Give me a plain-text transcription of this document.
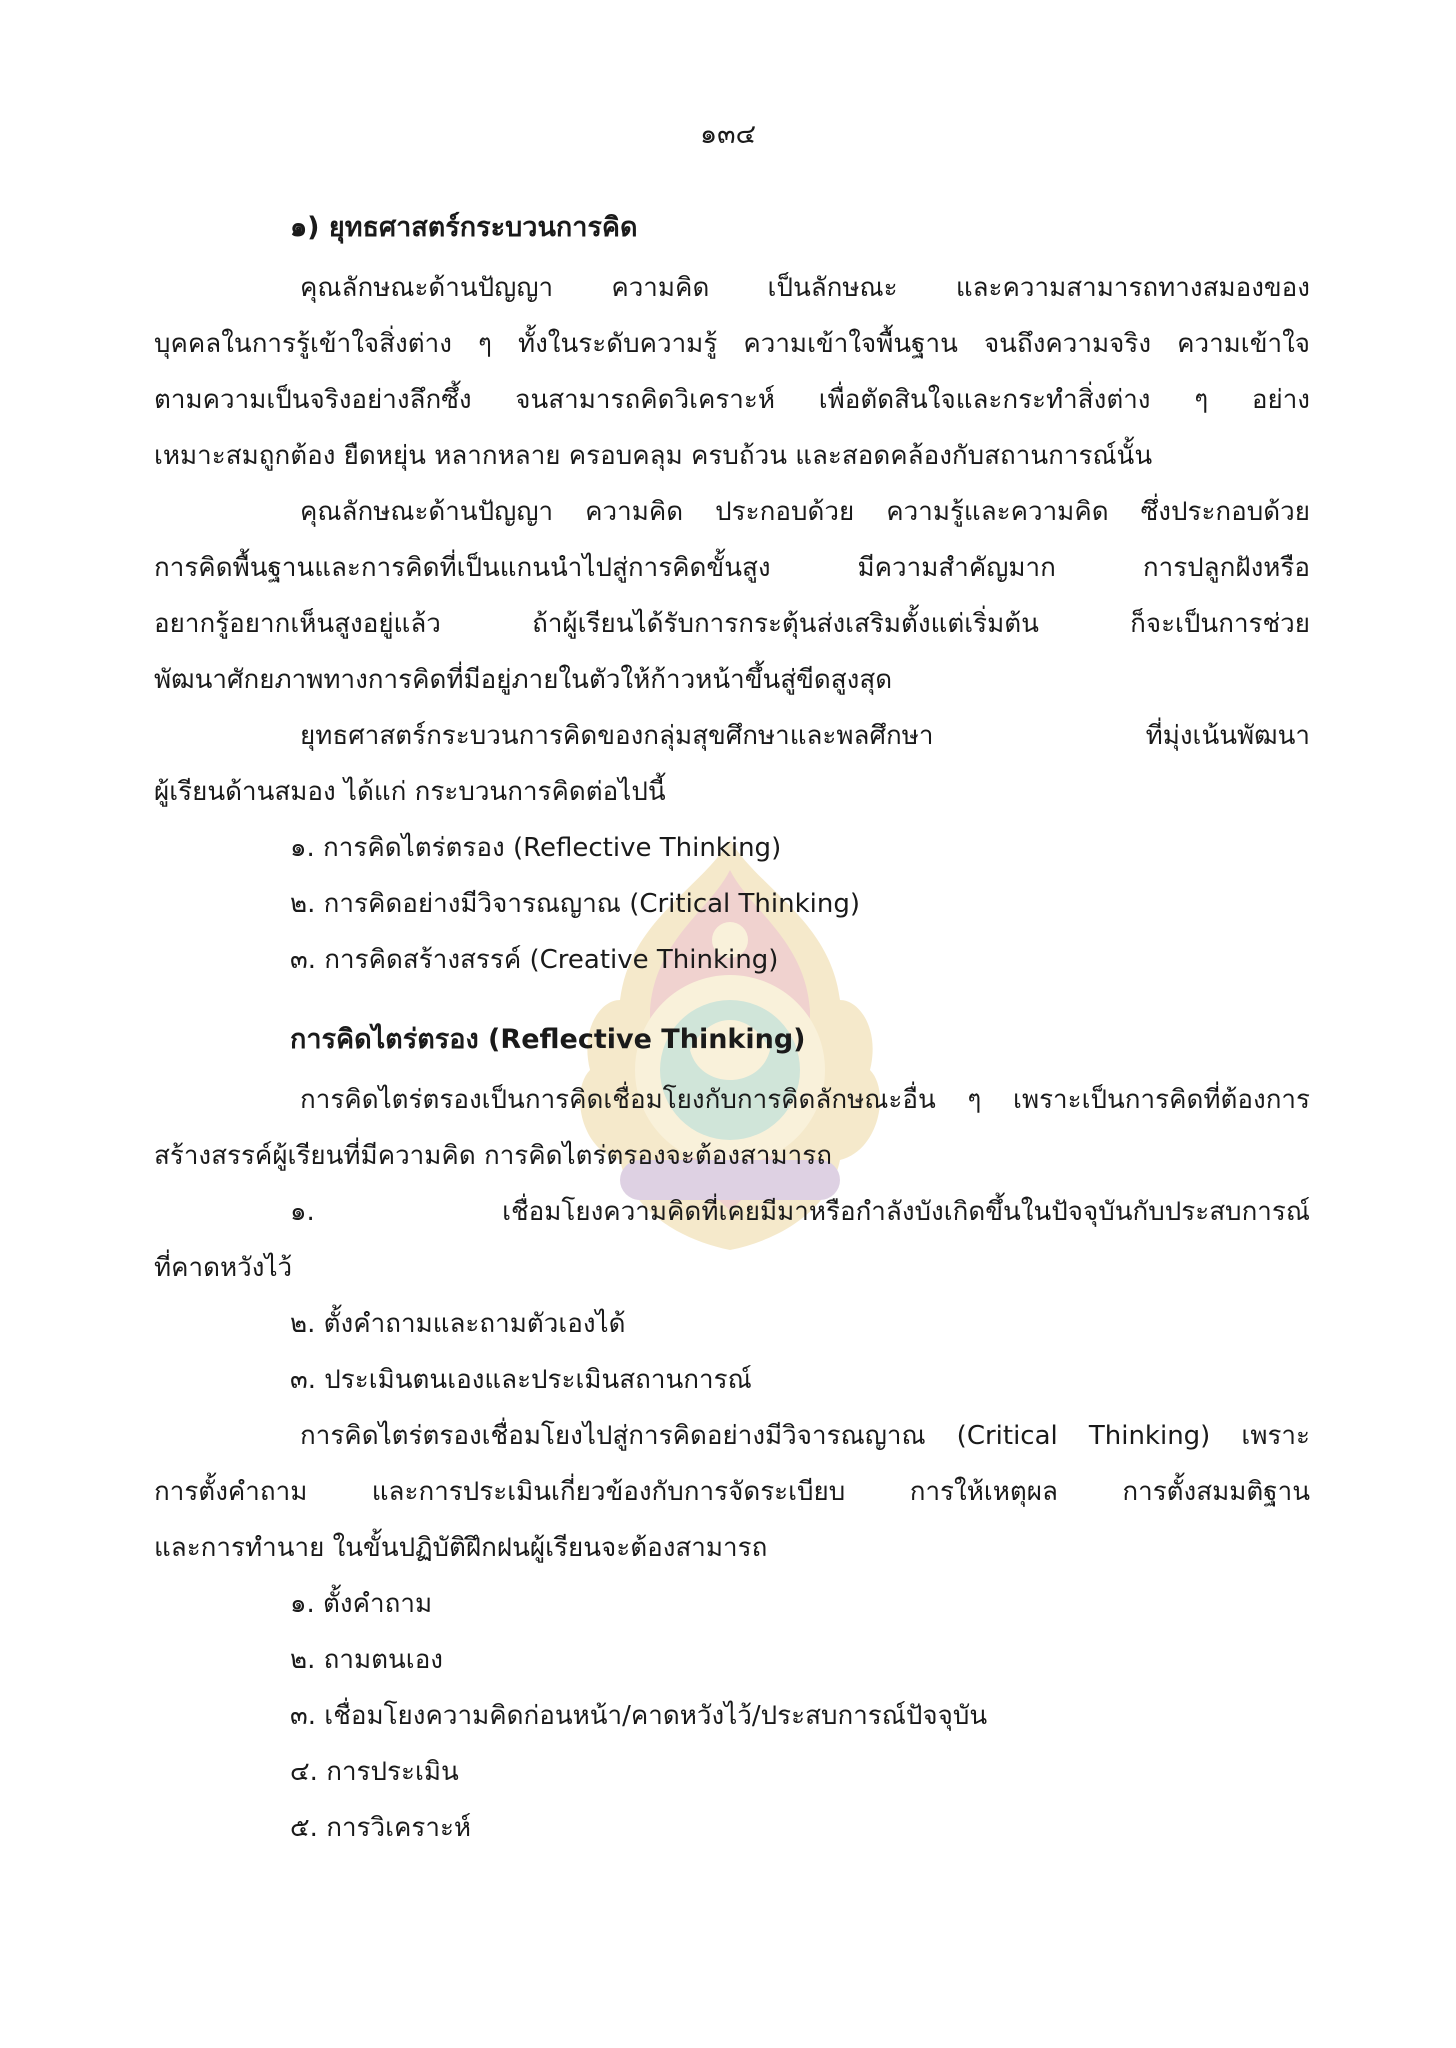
๑๓๔
๑) ยุทธศาสตร์กระบวนการคิด
คุณลักษณะด้านปัญญา ความคิด เป็นลักษณะ และความสามารถทางสมองของ
บุคคลในการรู้เข้าใจสิ่งต่าง ๆ ทั้งในระดับความรู้ ความเข้าใจพื้นฐาน จนถึงความจริง ความเข้าใจ
ตามความเป็นจริงอย่างลึกซึ้ง จนสามารถคิดวิเคราะห์ เพื่อตัดสินใจและกระทำสิ่งต่าง ๆ อย่าง
เหมาะสมถูกต้อง ยืดหยุ่น หลากหลาย ครอบคลุม ครบถ้วน และสอดคล้องกับสถานการณ์นั้น
คุณลักษณะด้านปัญญา ความคิด ประกอบด้วย ความรู้และความคิด ซึ่งประกอบด้วย
การคิดพื้นฐานและการคิดที่เป็นแกนนำไปสู่การคิดขั้นสูง มีความสำคัญมาก การปลูกฝังหรือ
อยากรู้อยากเห็นสูงอยู่แล้ว ถ้าผู้เรียนได้รับการกระตุ้นส่งเสริมตั้งแต่เริ่มต้น ก็จะเป็นการช่วย
พัฒนาศักยภาพทางการคิดที่มีอยู่ภายในตัวให้ก้าวหน้าขึ้นสู่ขีดสูงสุด
ยุทธศาสตร์กระบวนการคิดของกลุ่มสุขศึกษาและพลศึกษา ที่มุ่งเน้นพัฒนา
ผู้เรียนด้านสมอง ได้แก่ กระบวนการคิดต่อไปนี้
๑. การคิดไตร่ตรอง (Reflective Thinking)
๒. การคิดอย่างมีวิจารณญาณ (Critical Thinking)
๓. การคิดสร้างสรรค์ (Creative Thinking)
การคิดไตร่ตรอง (Reflective Thinking)
การคิดไตร่ตรองเป็นการคิดเชื่อมโยงกับการคิดลักษณะอื่น ๆ เพราะเป็นการคิดที่ต้องการ
สร้างสรรค์ผู้เรียนที่มีความคิด การคิดไตร่ตรองจะต้องสามารถ
๑. เชื่อมโยงความคิดที่เคยมีมาหรือกำลังบังเกิดขึ้นในปัจจุบันกับประสบการณ์
ที่คาดหวังไว้
๒. ตั้งคำถามและถามตัวเองได้
๓. ประเมินตนเองและประเมินสถานการณ์
การคิดไตร่ตรองเชื่อมโยงไปสู่การคิดอย่างมีวิจารณญาณ (Critical Thinking) เพราะ
การตั้งคำถาม และการประเมินเกี่ยวข้องกับการจัดระเบียบ การให้เหตุผล การตั้งสมมติฐาน
และการทำนาย ในขั้นปฏิบัติฝึกฝนผู้เรียนจะต้องสามารถ
๑. ตั้งคำถาม
๒. ถามตนเอง
๓. เชื่อมโยงความคิดก่อนหน้า/คาดหวังไว้/ประสบการณ์ปัจจุบัน
๔. การประเมิน
๕. การวิเคราะห์
